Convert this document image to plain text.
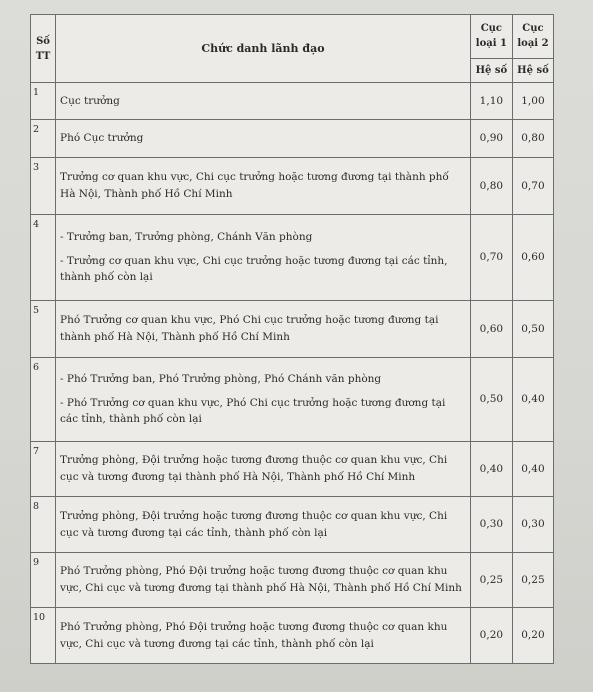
Số TT	Chức danh lãnh đạo	Cục loại 1	Cục loại 2
		Hệ số	Hệ số
1	Cục trưởng	1,10	1,00
2	Phó Cục trưởng	0,90	0,80
3	Trưởng cơ quan khu vực, Chi cục trưởng hoặc tương đương tại thành phố Hà Nội, Thành phố Hồ Chí Minh	0,80	0,70
4	- Trưởng ban, Trưởng phòng, Chánh Văn phòng

- Trưởng cơ quan khu vực, Chi cục trưởng hoặc tương đương tại các tỉnh, thành phố còn lại	0,70	0,60
5	Phó Trưởng cơ quan khu vực, Phó Chi cục trưởng hoặc tương đương tại thành phố Hà Nội, Thành phố Hồ Chí Minh	0,60	0,50
6	- Phó Trưởng ban, Phó Trưởng phòng, Phó Chánh văn phòng

- Phó Trưởng cơ quan khu vực, Phó Chi cục trưởng hoặc tương đương tại các tỉnh, thành phố còn lại	0,50	0,40
7	Trưởng phòng, Đội trưởng hoặc tương đương thuộc cơ quan khu vực, Chi cục và tương đương tại thành phố Hà Nội, Thành phố Hồ Chí Minh	0,40	0,40
8	Trưởng phòng, Đội trưởng hoặc tương đương thuộc cơ quan khu vực, Chi cục và tương đương tại các tỉnh, thành phố còn lại	0,30	0,30
9	Phó Trưởng phòng, Phó Đội trưởng hoặc tương đương thuộc cơ quan khu vực, Chi cục và tương đương tại thành phố Hà Nội, Thành phố Hồ Chí Minh	0,25	0,25
10	Phó Trưởng phòng, Phó Đội trưởng hoặc tương đương thuộc cơ quan khu vực, Chi cục và tương đương tại các tỉnh, thành phố còn lại	0,20	0,20
